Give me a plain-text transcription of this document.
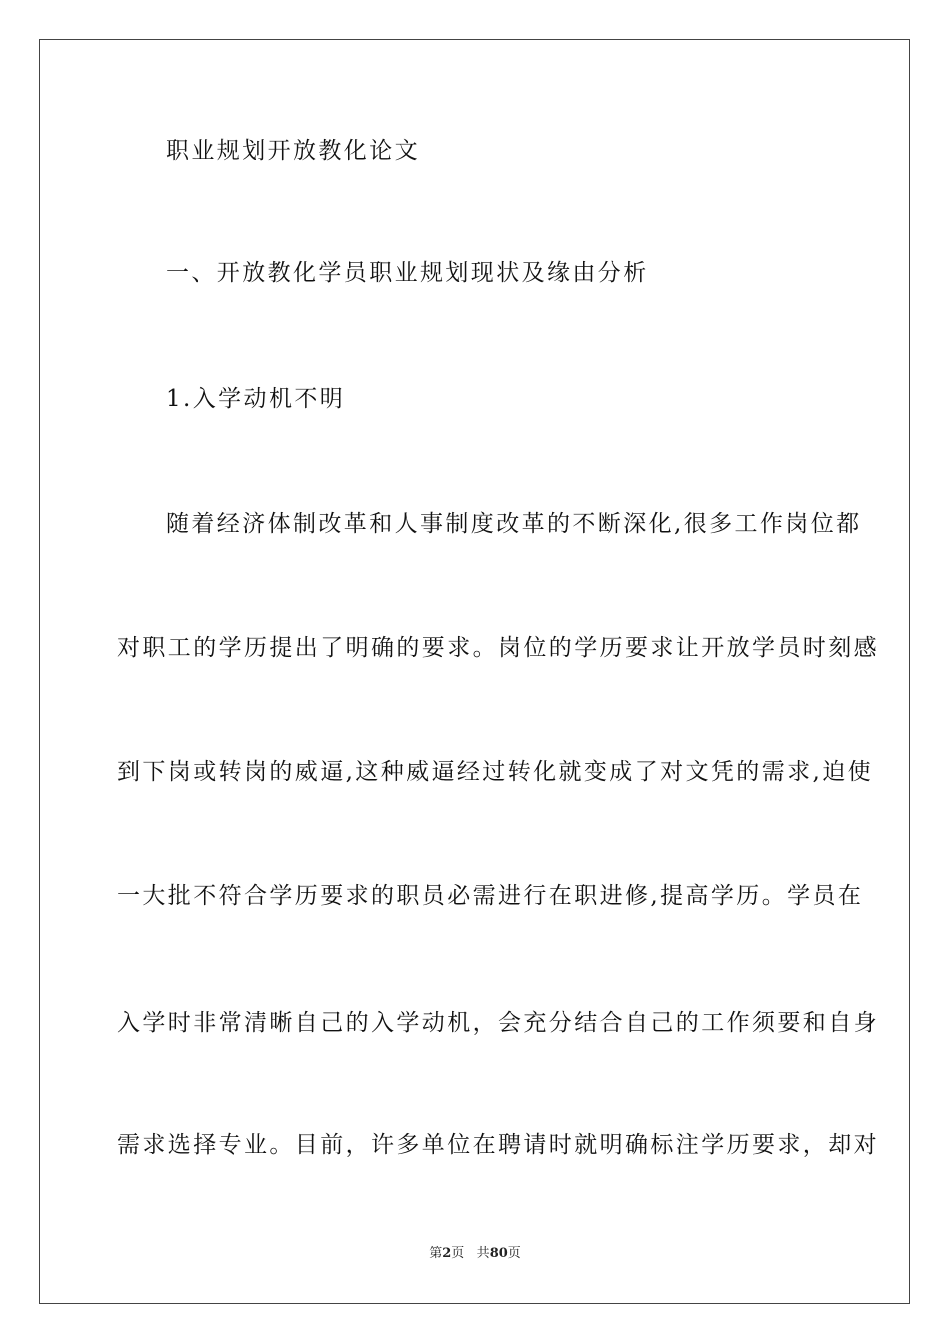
职业规划开放教化论文
一、开放教化学员职业规划现状及缘由分析
1.入学动机不明
随着经济体制改革和人事制度改革的不断深化,很多工作岗位都
对职工的学历提出了明确的要求。岗位的学历要求让开放学员时刻感
到下岗或转岗的威逼,这种威逼经过转化就变成了对文凭的需求,迫使
一大批不符合学历要求的职员必需进行在职进修,提高学历。学员在
入学时非常清晰自己的入学动机，会充分结合自己的工作须要和自身
需求选择专业。目前，许多单位在聘请时就明确标注学历要求，却对
第2页 共80页
